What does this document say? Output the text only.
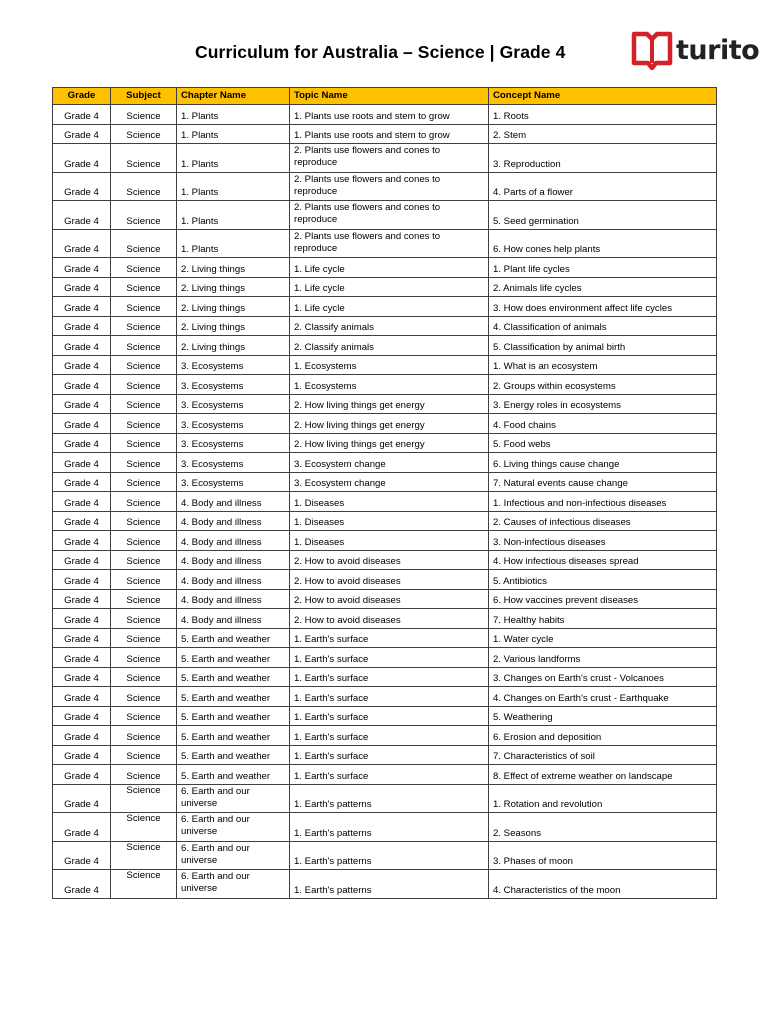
Curriculum for Australia – Science | Grade 4	turito
Grade	Subject	Chapter Name	Topic Name	Concept Name
Grade 4	Science	1. Plants	1. Plants use roots and stem to grow	1. Roots
Grade 4	Science	1. Plants	1. Plants use roots and stem to grow	2. Stem
Grade 4	Science	1. Plants	2. Plants use flowers and cones to reproduce	3. Reproduction
Grade 4	Science	1. Plants	2. Plants use flowers and cones to reproduce	4. Parts of a flower
Grade 4	Science	1. Plants	2. Plants use flowers and cones to reproduce	5. Seed germination
Grade 4	Science	1. Plants	2. Plants use flowers and cones to reproduce	6. How cones help plants
Grade 4	Science	2. Living things	1. Life cycle	1. Plant life cycles
Grade 4	Science	2. Living things	1. Life cycle	2. Animals life cycles
Grade 4	Science	2. Living things	1. Life cycle	3. How does environment affect life cycles
Grade 4	Science	2. Living things	2. Classify animals	4. Classification of animals
Grade 4	Science	2. Living things	2. Classify animals	5. Classification by animal birth
Grade 4	Science	3. Ecosystems	1. Ecosystems	1. What is an ecosystem
Grade 4	Science	3. Ecosystems	1. Ecosystems	2. Groups within ecosystems
Grade 4	Science	3. Ecosystems	2. How living things get energy	3. Energy roles in ecosystems
Grade 4	Science	3. Ecosystems	2. How living things get energy	4. Food chains
Grade 4	Science	3. Ecosystems	2. How living things get energy	5. Food webs
Grade 4	Science	3. Ecosystems	3. Ecosystem change	6. Living things cause change
Grade 4	Science	3. Ecosystems	3. Ecosystem change	7. Natural events cause change
Grade 4	Science	4. Body and illness	1. Diseases	1. Infectious and non-infectious diseases
Grade 4	Science	4. Body and illness	1. Diseases	2. Causes of infectious diseases
Grade 4	Science	4. Body and illness	1. Diseases	3. Non-infectious diseases
Grade 4	Science	4. Body and illness	2. How to avoid diseases	4. How infectious diseases spread
Grade 4	Science	4. Body and illness	2. How to avoid diseases	5. Antibiotics
Grade 4	Science	4. Body and illness	2. How to avoid diseases	6. How vaccines prevent diseases
Grade 4	Science	4. Body and illness	2. How to avoid diseases	7. Healthy habits
Grade 4	Science	5. Earth and weather	1. Earth's surface	1. Water cycle
Grade 4	Science	5. Earth and weather	1. Earth's surface	2. Various landforms
Grade 4	Science	5. Earth and weather	1. Earth's surface	3. Changes on Earth's crust - Volcanoes
Grade 4	Science	5. Earth and weather	1. Earth's surface	4. Changes on Earth's crust - Earthquake
Grade 4	Science	5. Earth and weather	1. Earth's surface	5. Weathering
Grade 4	Science	5. Earth and weather	1. Earth's surface	6. Erosion and deposition
Grade 4	Science	5. Earth and weather	1. Earth's surface	7. Characteristics of soil
Grade 4	Science	5. Earth and weather	1. Earth's surface	8. Effect of extreme weather on landscape
Grade 4	Science	6. Earth and our universe	1. Earth's patterns	1. Rotation and revolution
Grade 4	Science	6. Earth and our universe	1. Earth's patterns	2. Seasons
Grade 4	Science	6. Earth and our universe	1. Earth's patterns	3. Phases of moon
Grade 4	Science	6. Earth and our universe	1. Earth's patterns	4. Characteristics of the moon
